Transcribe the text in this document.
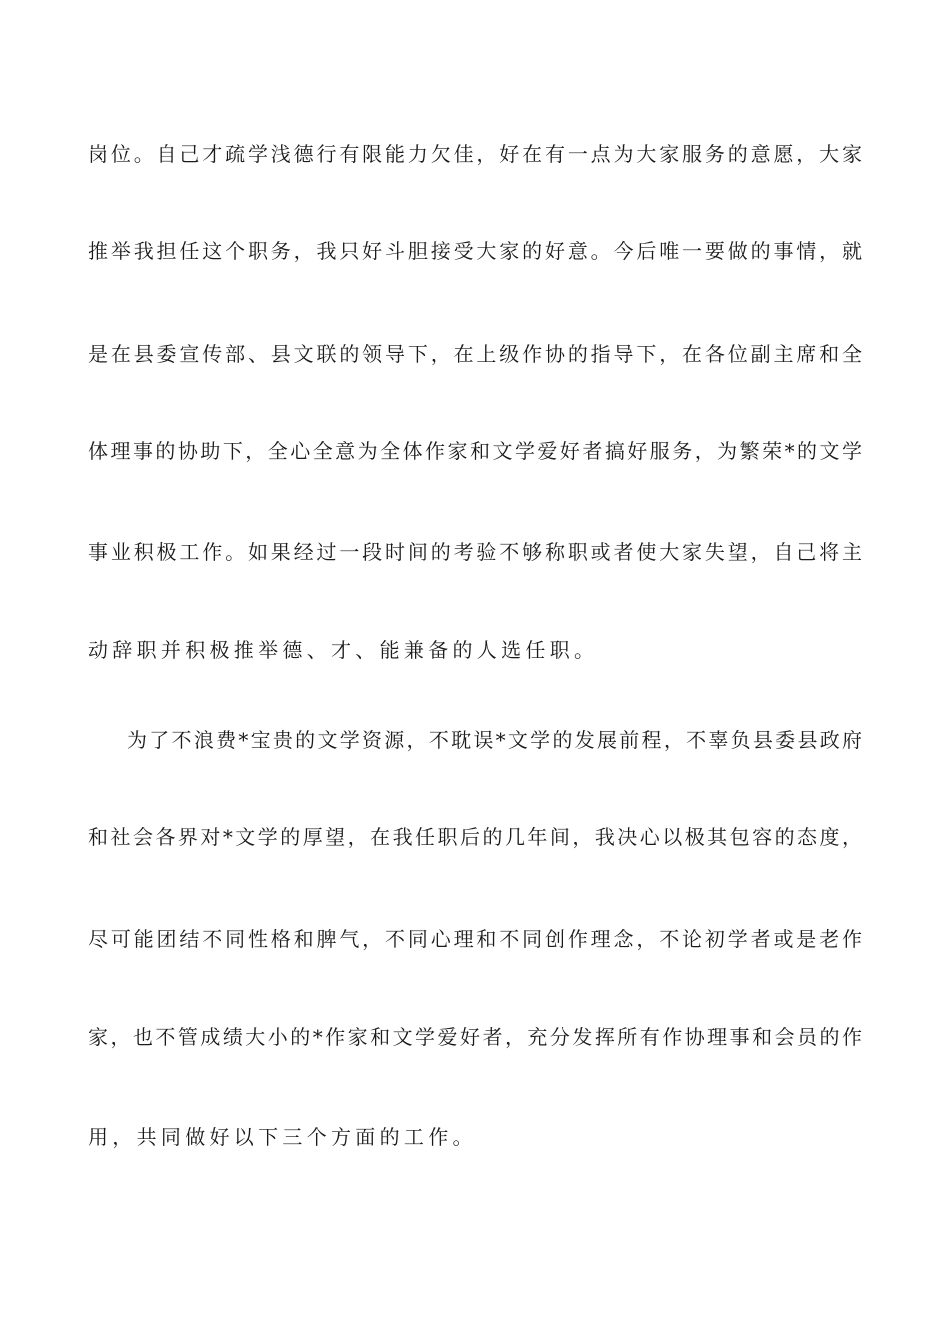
岗位。自己才疏学浅德行有限能力欠佳，好在有一点为大家服务的意愿，大家

推举我担任这个职务，我只好斗胆接受大家的好意。今后唯一要做的事情，就

是在县委宣传部、县文联的领导下，在上级作协的指导下，在各位副主席和全

体理事的协助下，全心全意为全体作家和文学爱好者搞好服务，为繁荣*的文学

事业积极工作。如果经过一段时间的考验不够称职或者使大家失望，自己将主

动辞职并积极推举德、才、能兼备的人选任职。

为了不浪费*宝贵的文学资源，不耽误*文学的发展前程，不辜负县委县政府

和社会各界对*文学的厚望，在我任职后的几年间，我决心以极其包容的态度，

尽可能团结不同性格和脾气，不同心理和不同创作理念，不论初学者或是老作

家，也不管成绩大小的*作家和文学爱好者，充分发挥所有作协理事和会员的作

用，共同做好以下三个方面的工作。
